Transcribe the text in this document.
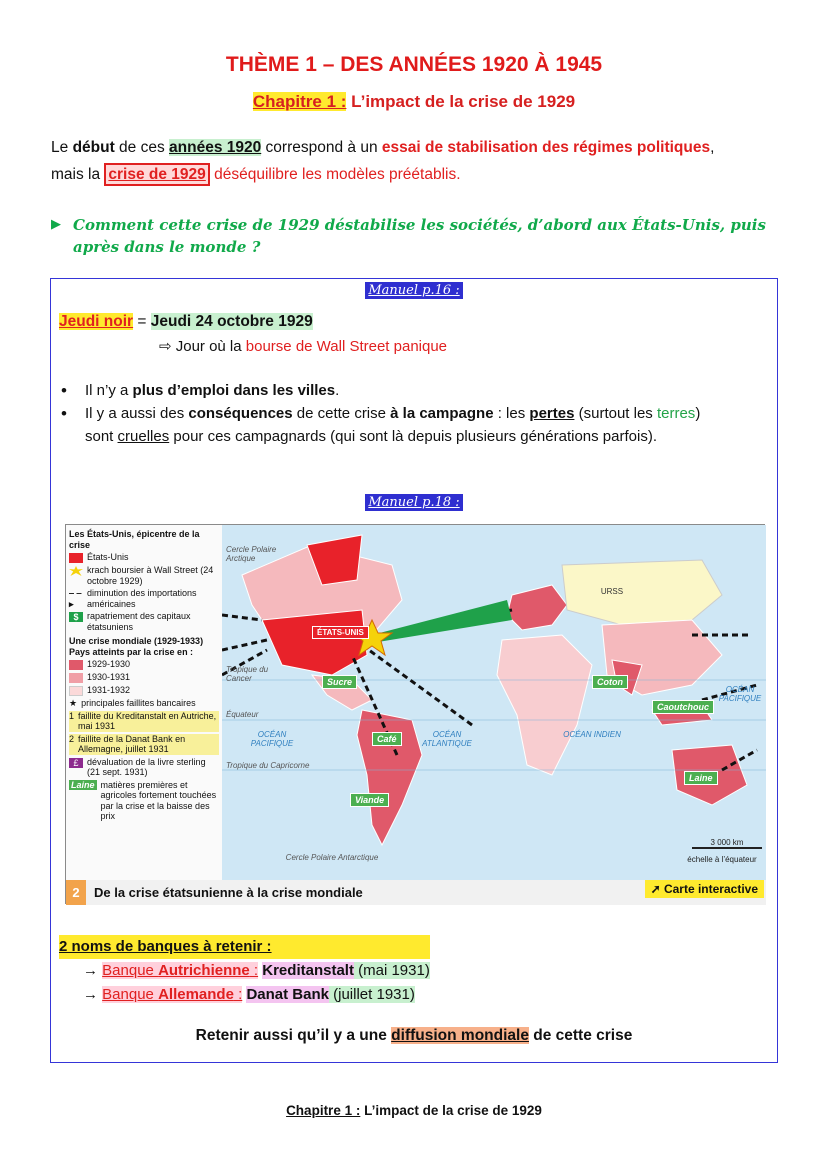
THÈME 1 – DES ANNÉES 1920 À 1945
Chapitre 1 : L’impact de la crise de 1929
Le début de ces années 1920 correspond à un essai de stabilisation des régimes politiques,
mais la crise de 1929 déséquilibre les modèles préétablis.
▶ Comment cette crise de 1929 déstabilise les sociétés, d’abord aux États-Unis, puis après dans le monde ?
Manuel p.16 :
Jeudi noir = Jeudi 24 octobre 1929
⇨ Jour où la bourse de Wall Street panique
• Il n’y a plus d’emploi dans les villes.
• Il y a aussi des conséquences de cette crise à la campagne : les pertes (surtout les terres)
sont cruelles pour ces campagnards (qui sont là depuis plusieurs générations parfois).
Manuel p.18 :
Les États-Unis, épicentre de la crise
États-Unis
krach boursier à Wall Street (24 octobre 1929)
‒ ‒▸
diminution des importations américaines
$ rapatriement des capitaux étatsuniens
Une crise mondiale (1929-1933)
Pays atteints par la crise en :
1929-1930
1930-1931
1931-1932
★ principales faillites bancaires
1 faillite du Kreditanstalt en Autriche, mai 1931
2 faillite de la Danat Bank en Allemagne, juillet 1931
£ dévaluation de la livre sterling (21 sept. 1931)
Laine matières premières et agricoles fortement touchées par la crise et la baisse des prix
ÉTATS-UNIS
Cercle Polaire Arctique
URSS
Tropique du Cancer
Équateur
Tropique du Capricorne
Cercle Polaire Antarctique
OCÉAN PACIFIQUE
OCÉAN ATLANTIQUE
OCÉAN INDIEN
OCÉAN PACIFIQUE
Sucre
Café
Viande
Coton
Caoutchouc
Laine
3 000 km
échelle à l’équateur
2	De la crise étatsunienne à la crise mondiale	➚ Carte interactive
2 noms de banques à retenir :
→ Banque Autrichienne : Kreditanstalt (mai 1931)
→ Banque Allemande : Danat Bank (juillet 1931)
Retenir aussi qu’il y a une diffusion mondiale de cette crise
Chapitre 1 : L’impact de la crise de 1929
